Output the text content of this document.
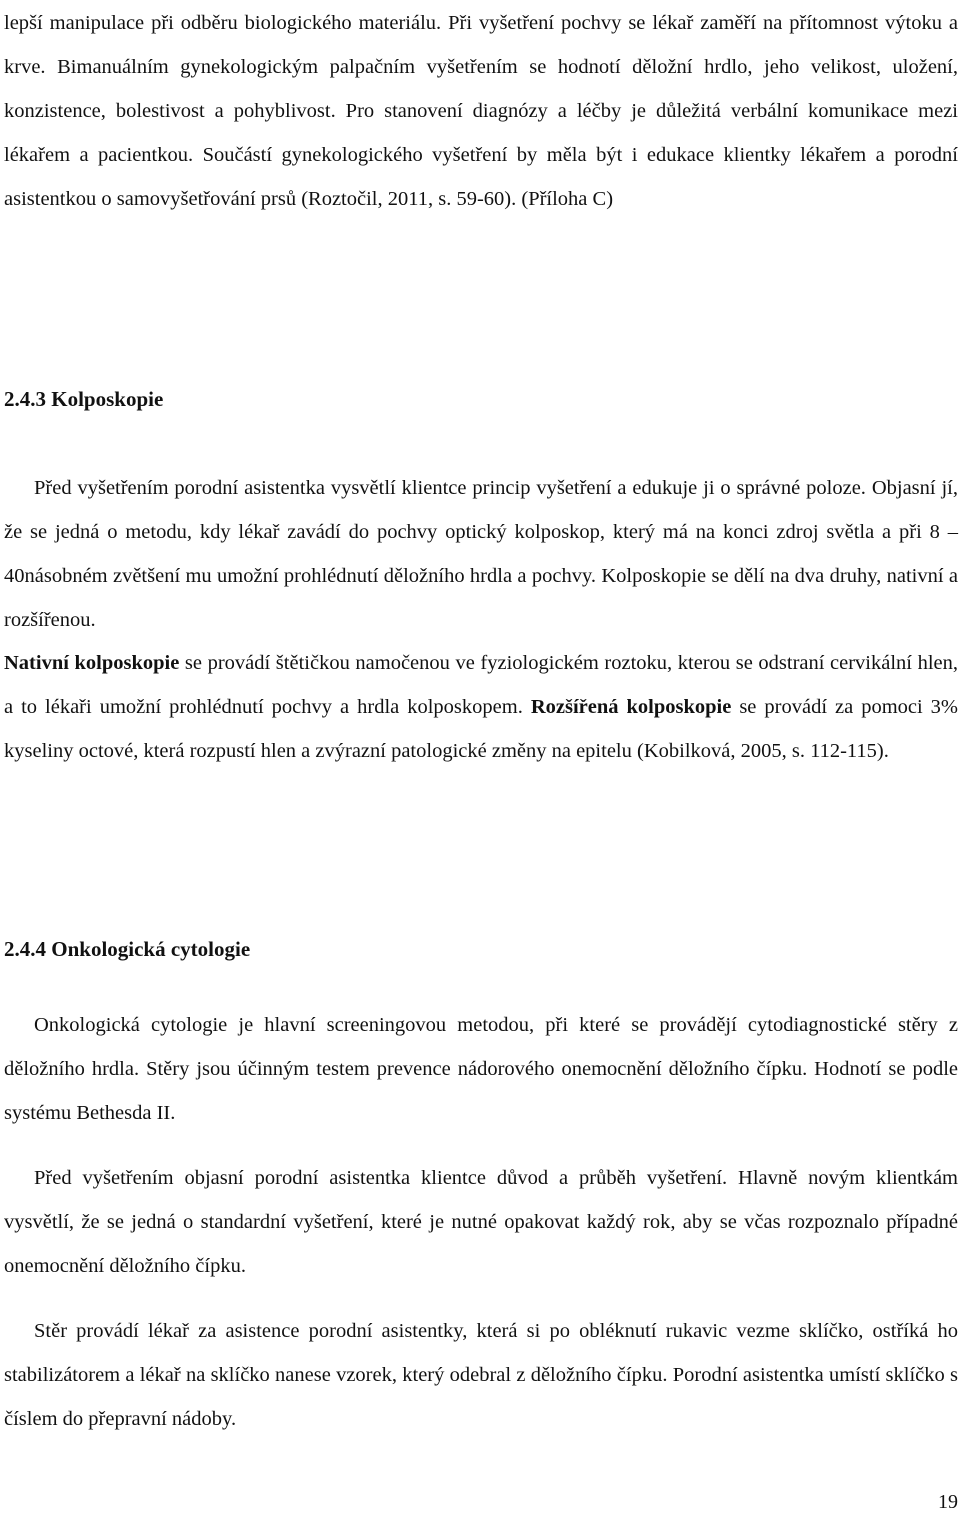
lepší manipulace při odběru biologického materiálu. Při vyšetření pochvy se lékař zaměří na přítomnost výtoku a krve. Bimanuálním gynekologickým palpačním vyšetřením se hodnotí děložní hrdlo, jeho velikost, uložení, konzistence, bolestivost a pohyblivost. Pro stanovení diagnózy a léčby je důležitá verbální komunikace mezi lékařem a pacientkou. Součástí gynekologického vyšetření by měla být i edukace klientky lékařem a porodní asistentkou o samovyšetřování prsů (Roztočil, 2011, s. 59-60). (Příloha C)

2.4.3 Kolposkopie

Před vyšetřením porodní asistentka vysvětlí klientce princip vyšetření a edukuje ji o správné poloze. Objasní jí, že se jedná o metodu, kdy lékař zavádí do pochvy optický kolposkop, který má na konci zdroj světla a při 8 – 40násobném zvětšení mu umožní prohlédnutí děložního hrdla a pochvy. Kolposkopie se dělí na dva druhy, nativní a rozšířenou.

Nativní kolposkopie se provádí štětičkou namočenou ve fyziologickém roztoku, kterou se odstraní cervikální hlen, a to lékaři umožní prohlédnutí pochvy a hrdla kolposkopem. Rozšířená kolposkopie se provádí za pomoci 3% kyseliny octové, která rozpustí hlen a zvýrazní patologické změny na epitelu (Kobilková, 2005, s. 112-115).

2.4.4 Onkologická cytologie

Onkologická cytologie je hlavní screeningovou metodou, při které se provádějí cytodiagnostické stěry z děložního hrdla. Stěry jsou účinným testem prevence nádorového onemocnění děložního čípku. Hodnotí se podle systému Bethesda II.

Před vyšetřením objasní porodní asistentka klientce důvod a průběh vyšetření. Hlavně novým klientkám vysvětlí, že se jedná o standardní vyšetření, které je nutné opakovat každý rok, aby se včas rozpoznalo případné onemocnění děložního čípku.

Stěr provádí lékař za asistence porodní asistentky, která si po obléknutí rukavic vezme sklíčko, ostříká ho stabilizátorem a lékař na sklíčko nanese vzorek, který odebral z děložního čípku. Porodní asistentka umístí sklíčko s číslem do přepravní nádoby.

19
